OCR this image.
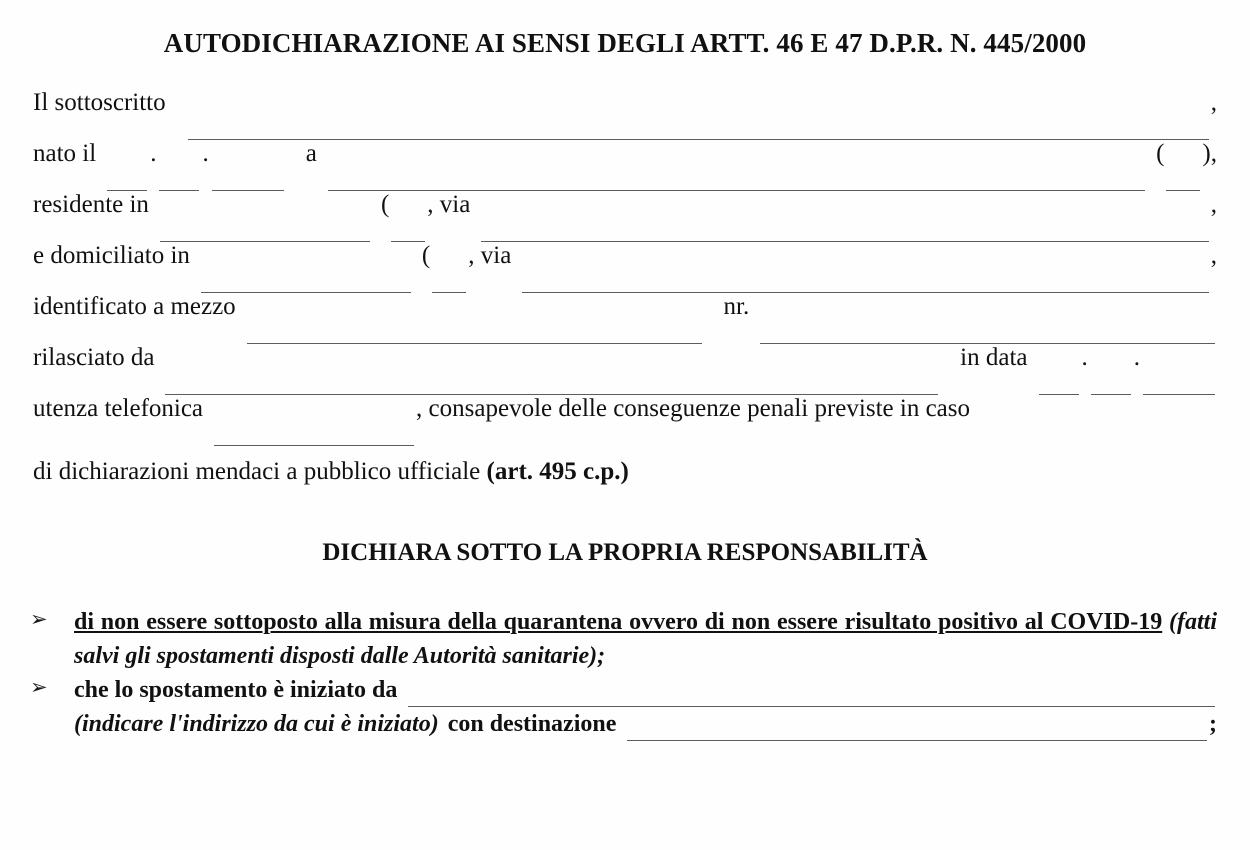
AUTODICHIARAZIONE AI SENSI DEGLI ARTT. 46 E 47 D.P.R. N. 445/2000
Il sottoscritto	,
nato il . .	a	( ) ,
residente in	( , via	,
e domiciliato in	( , via	,
identificato a mezzo	nr.
rilasciato da	in data . .
utenza telefonica	, consapevole delle conseguenze penali previste in caso
di dichiarazioni mendaci a pubblico ufficiale (art. 495 c.p.)
DICHIARA SOTTO LA PROPRIA RESPONSABILITÀ
➢	di non essere sottoposto alla misura della quarantena ovvero di non essere risultato positivo al COVID-19 (fatti salvi gli spostamenti disposti dalle Autorità sanitarie);

➢	che lo spostamento è iniziato da
(indicare l'indirizzo da cui è iniziato) con destinazione	;
